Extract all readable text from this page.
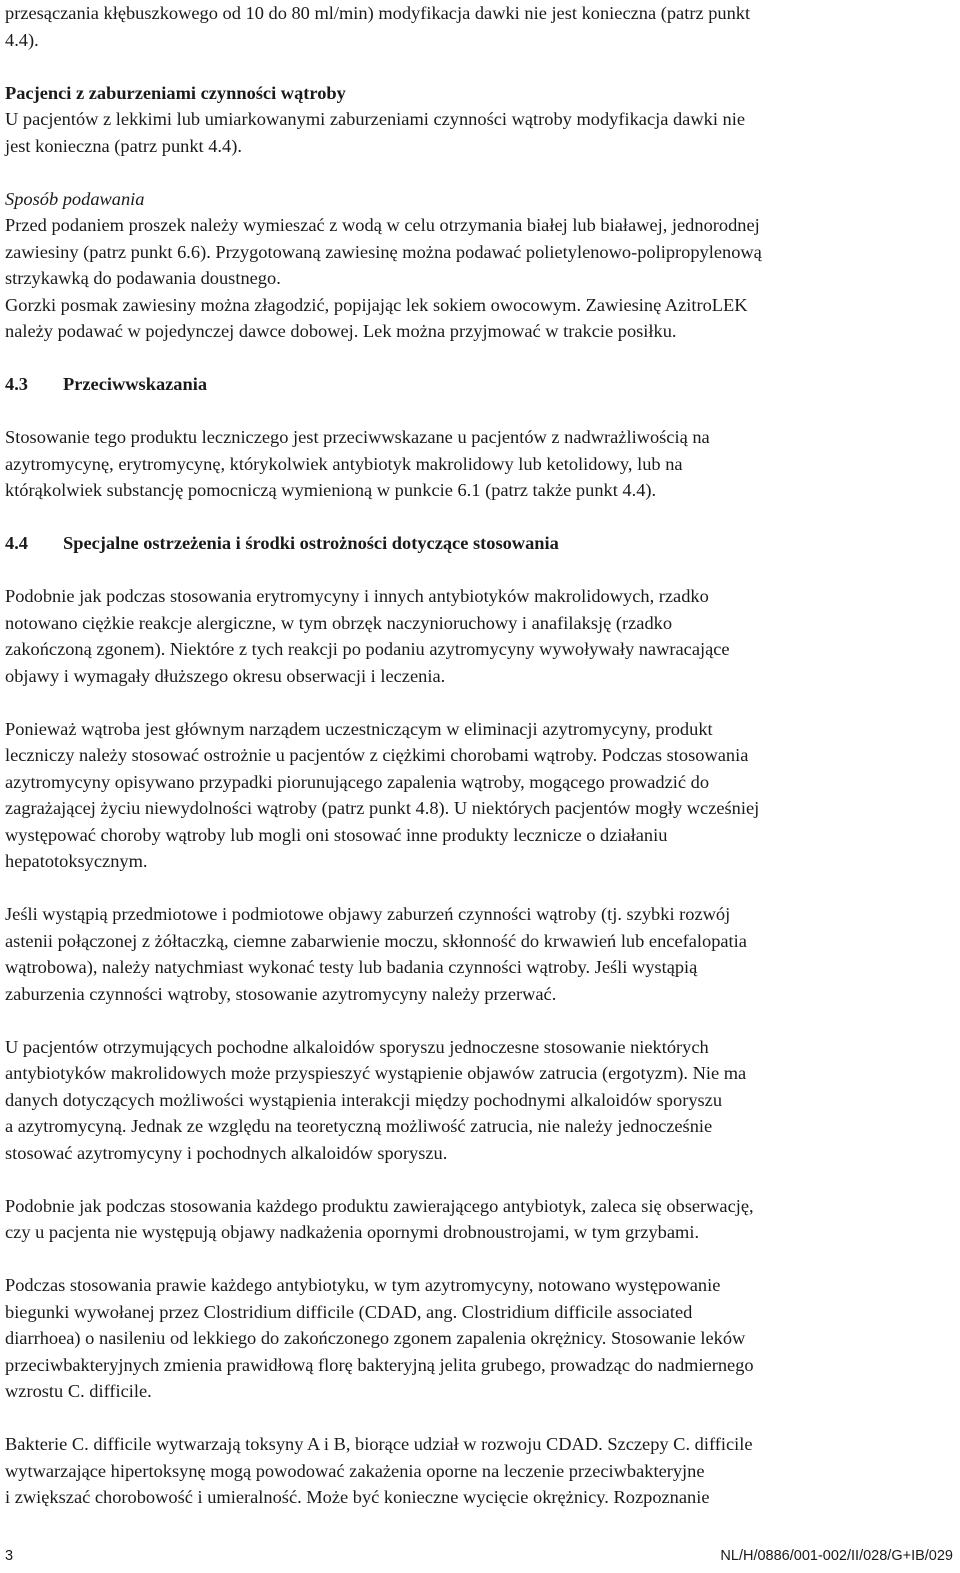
przesączania kłębuszkowego od 10 do 80 ml/min) modyfikacja dawki nie jest konieczna (patrz punkt

4.4).

Pacjenci z zaburzeniami czynności wątroby

U pacjentów z lekkimi lub umiarkowanymi zaburzeniami czynności wątroby modyfikacja dawki nie

jest konieczna (patrz punkt 4.4).

Sposób podawania

Przed podaniem proszek należy wymieszać z wodą w celu otrzymania białej lub białawej, jednorodnej

zawiesiny (patrz punkt 6.6). Przygotowaną zawiesinę można podawać polietylenowo-polipropylenową

strzykawką do podawania doustnego.

Gorzki posmak zawiesiny można złagodzić, popijając lek sokiem owocowym. Zawiesinę AzitroLEK

należy podawać w pojedynczej dawce dobowej. Lek można przyjmować w trakcie posiłku.

4.3	Przeciwwskazania

Stosowanie tego produktu leczniczego jest przeciwwskazane u pacjentów z nadwrażliwością na

azytromycynę, erytromycynę, którykolwiek antybiotyk makrolidowy lub ketolidowy, lub na

którąkolwiek substancję pomocniczą wymienioną w punkcie 6.1 (patrz także punkt 4.4).

4.4	Specjalne ostrzeżenia i środki ostrożności dotyczące stosowania

Podobnie jak podczas stosowania erytromycyny i innych antybiotyków makrolidowych, rzadko

notowano ciężkie reakcje alergiczne, w tym obrzęk naczynioruchowy i anafilaksję (rzadko

zakończoną zgonem). Niektóre z tych reakcji po podaniu azytromycyny wywoływały nawracające

objawy i wymagały dłuższego okresu obserwacji i leczenia.

Ponieważ wątroba jest głównym narządem uczestniczącym w eliminacji azytromycyny, produkt

leczniczy należy stosować ostrożnie u pacjentów z ciężkimi chorobami wątroby. Podczas stosowania

azytromycyny opisywano przypadki piorunującego zapalenia wątroby, mogącego prowadzić do

zagrażającej życiu niewydolności wątroby (patrz punkt 4.8). U niektórych pacjentów mogły wcześniej

występować choroby wątroby lub mogli oni stosować inne produkty lecznicze o działaniu

hepatotoksycznym.

Jeśli wystąpią przedmiotowe i podmiotowe objawy zaburzeń czynności wątroby (tj. szybki rozwój

astenii połączonej z żółtaczką, ciemne zabarwienie moczu, skłonność do krwawień lub encefalopatia

wątrobowa), należy natychmiast wykonać testy lub badania czynności wątroby. Jeśli wystąpią

zaburzenia czynności wątroby, stosowanie azytromycyny należy przerwać.

U pacjentów otrzymujących pochodne alkaloidów sporyszu jednoczesne stosowanie niektórych

antybiotyków makrolidowych może przyspieszyć wystąpienie objawów zatrucia (ergotyzm). Nie ma

danych dotyczących możliwości wystąpienia interakcji między pochodnymi alkaloidów sporyszu

a azytromycyną. Jednak ze względu na teoretyczną możliwość zatrucia, nie należy jednocześnie

stosować azytromycyny i pochodnych alkaloidów sporyszu.

Podobnie jak podczas stosowania każdego produktu zawierającego antybiotyk, zaleca się obserwację,

czy u pacjenta nie występują objawy nadkażenia opornymi drobnoustrojami, w tym grzybami.

Podczas stosowania prawie każdego antybiotyku, w tym azytromycyny, notowano występowanie

biegunki wywołanej przez Clostridium difficile (CDAD, ang. Clostridium difficile associated

diarrhoea) o nasileniu od lekkiego do zakończonego zgonem zapalenia okrężnicy. Stosowanie leków

przeciwbakteryjnych zmienia prawidłową florę bakteryjną jelita grubego, prowadząc do nadmiernego

wzrostu C. difficile.

Bakterie C. difficile wytwarzają toksyny A i B, biorące udział w rozwoju CDAD. Szczepy C. difficile

wytwarzające hipertoksynę mogą powodować zakażenia oporne na leczenie przeciwbakteryjne

i zwiększać chorobowość i umieralność. Może być konieczne wycięcie okrężnicy. Rozpoznanie

3	NL/H/0886/001-002/II/028/G+IB/029
